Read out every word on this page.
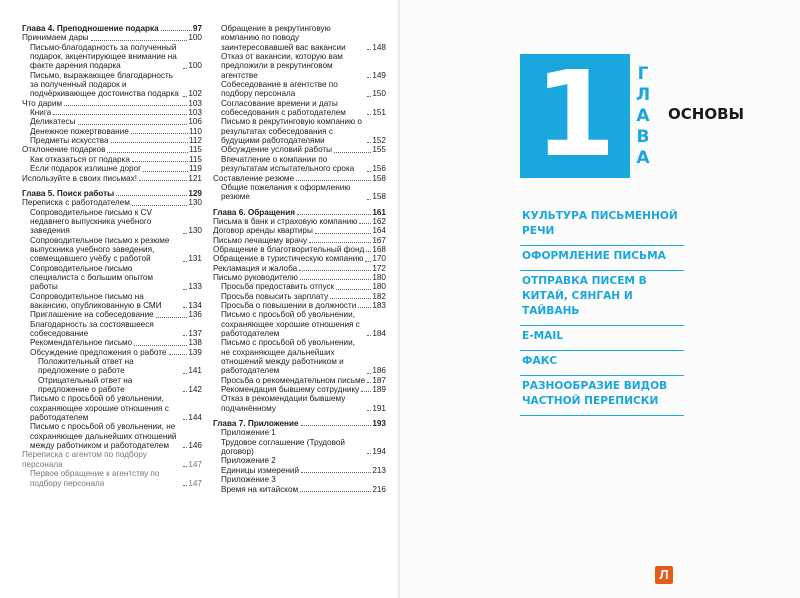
Глава 4. Преподношение подарка	97
Принимаем дары	100
Письмо-благодарность за полученный подарок, акцентирующее внимание на факте дарения подарка	100
Письмо, выражающее благодарность за полученный подарок и подчёркивающее достоинства подарка	102
Что дарим	103
Книга	103
Деликатесы	106
Денежное пожертвование	110
Предметы искусства	112
Отклонение подарков	115
Как отказаться от подарка	115
Если подарок излишне дорог	119
Используйте в своих письмах!	121
Глава 5. Поиск работы	129
Переписка с работодателем	130
Сопроводительное письмо к CV недавнего выпускника учебного заведения	130
Сопроводительное письмо к резюме выпускника учебного заведения, совмещавшего учёбу с работой	131
Сопроводительное письмо специалиста с большим опытом работы	133
Сопроводительное письмо на вакансию, опубликованную в СМИ	134
Приглашение на собеседование	136
Благодарность за состоявшееся собеседование	137
Рекомендательное письмо	138
Обсуждение предложения о работе	139
Положительный ответ на предложение о работе	141
Отрицательный ответ на предложение о работе	142
Письмо с просьбой об увольнении, сохраняющее хорошие отношения с работодателем	144
Письмо с просьбой об увольнении, не сохраняющее дальнейших отношений между работником и работодателем	146
Переписка с агентом по подбору персонала	147
Первое обращение к агентству по подбору персонала	147
Обращение в рекрутинговую компанию по поводу заинтересовавшей вас вакансии	148
Отказ от вакансии, которую вам предложили в рекрутинговом агентстве	149
Собеседование в агентстве по подбору персонала	150
Согласование времени и даты собеседования с работодателем	151
Письмо в рекрутинговую компанию о результатах собеседования с будущими работодателями	152
Обсуждение условий работы	155
Впечатление о компании по результатам испытательного срока	156
Составление резюме	158
Общие пожелания к оформлению резюме	158
Глава 6. Обращения	161
Письма в банк и страховую компанию 162
Договор аренды квартиры	164
Письмо лечащему врачу	167
Обращение в благотворительный фонд 168
Обращение в туристическую компанию 170
Рекламация и жалоба	172
Письмо руководителю	180
Просьба предоставить отпуск	180
Просьба повысить зарплату	182
Просьба о повышении в должности 183
Письмо с просьбой об увольнении, сохраняющее хорошие отношения с работодателем	184
Письмо с просьбой об увольнении, не сохраняющее дальнейших отношений между работником и работодателем	186
Просьба о рекомендательном письме 187
Рекомендация бывшему сотруднику 189
Отказ в рекомендации бывшему подчинённому	191
Глава 7. Приложение	193
Приложение 1
Трудовое соглашение (Трудовой договор)	194
Приложение 2
Единицы измерений	213
Приложение 3
Время на китайском	216
1	Г
Л
А
В
А
ОСНОВЫ
КУЛЬТУРА ПИСЬМЕННОЙ РЕЧИ
ОФОРМЛЕНИЕ ПИСЬМА
ОТПРАВКА ПИСЕМ В КИТАЙ, СЯНГАН И ТАЙВАНЬ
E-MAIL
ФАКС
РАЗНООБРАЗИЕ ВИДОВ ЧАСТНОЙ ПЕРЕПИСКИ
Л
